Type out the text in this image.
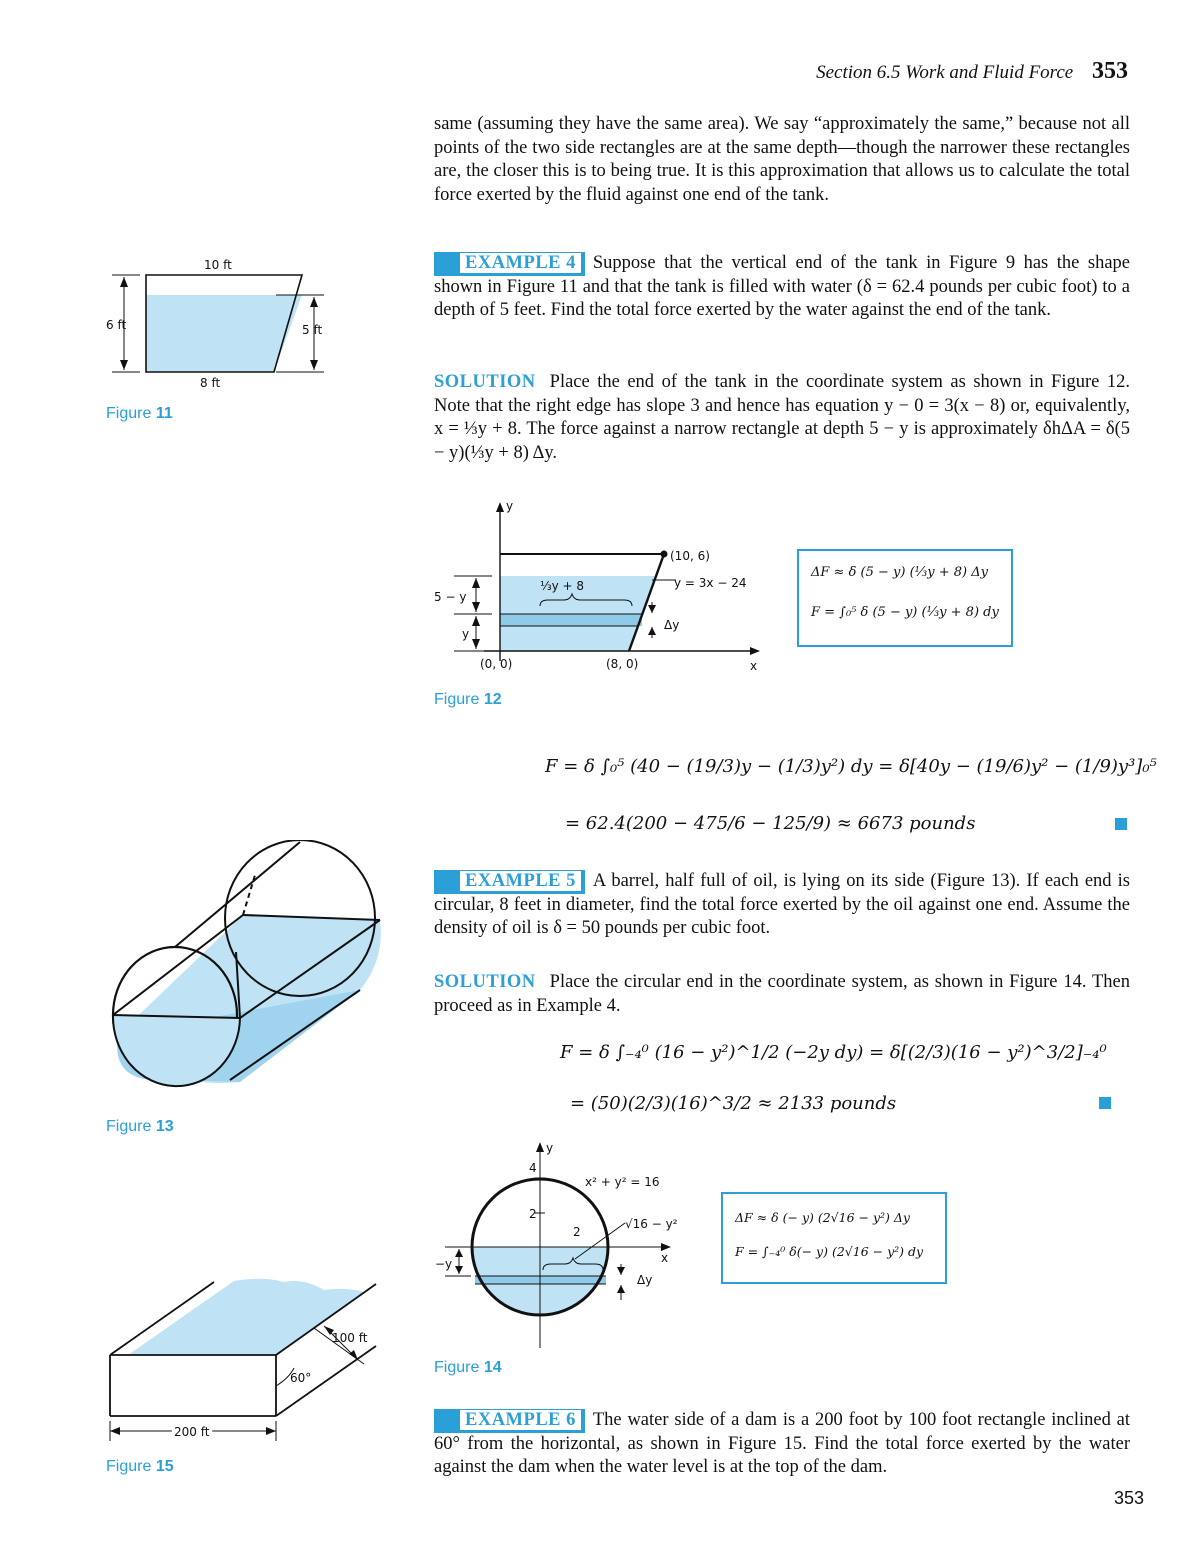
Section 6.5 Work and Fluid Force 353
same (assuming they have the same area). We say “approximately the same,” because not all points of the two side rectangles are at the same depth—though the narrower these rectangles are, the closer this is to being true. It is this approximation that allows us to calculate the total force exerted by the fluid against one end of the tank.
EXAMPLE 4 Suppose that the vertical end of the tank in Figure 9 has the shape shown in Figure 11 and that the tank is filled with water (δ = 62.4 pounds per cubic foot) to a depth of 5 feet. Find the total force exerted by the water against the end of the tank.
SOLUTION Place the end of the tank in the coordinate system as shown in Figure 12. Note that the right edge has slope 3 and hence has equation y − 0 = 3(x − 8) or, equivalently, x = ⅓y + 8. The force against a narrow rectangle at depth 5 − y is approximately δhΔA = δ(5 − y)(⅓y + 8) Δy.
10 ft
6 ft	5 ft
8 ft
Figure 11
y
x
(10, 6)
(0, 0)	(8, 0)
y = 3x − 24
⅓y + 8
5 − y
y
Δy
ΔF ≈ δ (5 − y) (⅓y + 8) Δy
F = ∫₀⁵ δ (5 − y) (⅓y + 8) dy
Figure 12
F = δ ∫₀⁵ (40 − (19/3)y − (1/3)y²) dy = δ[40y − (19/6)y² − (1/9)y³]₀⁵
= 62.4(200 − 475/6 − 125/9) ≈ 6673 pounds
EXAMPLE 5 A barrel, half full of oil, is lying on its side (Figure 13). If each end is circular, 8 feet in diameter, find the total force exerted by the oil against one end. Assume the density of oil is δ = 50 pounds per cubic foot.
SOLUTION Place the circular end in the coordinate system, as shown in Figure 14. Then proceed as in Example 4.
F = δ ∫₋₄⁰ (16 − y²)^1/2 (−2y dy) = δ[(2/3)(16 − y²)^3/2]₋₄⁰
= (50)(2/3)(16)^3/2 ≈ 2133 pounds
Figure 13
y
x
x² + y² = 16
4
2
2
√16 − y²
−y
Δy
ΔF ≈ δ (− y) (2√16 − y²) Δy
F = ∫₋₄⁰ δ(− y) (2√16 − y²) dy
Figure 14
100 ft
60°
200 ft
Figure 15
EXAMPLE 6 The water side of a dam is a 200 foot by 100 foot rectangle inclined at 60° from the horizontal, as shown in Figure 15. Find the total force exerted by the water against the dam when the water level is at the top of the dam.
353
